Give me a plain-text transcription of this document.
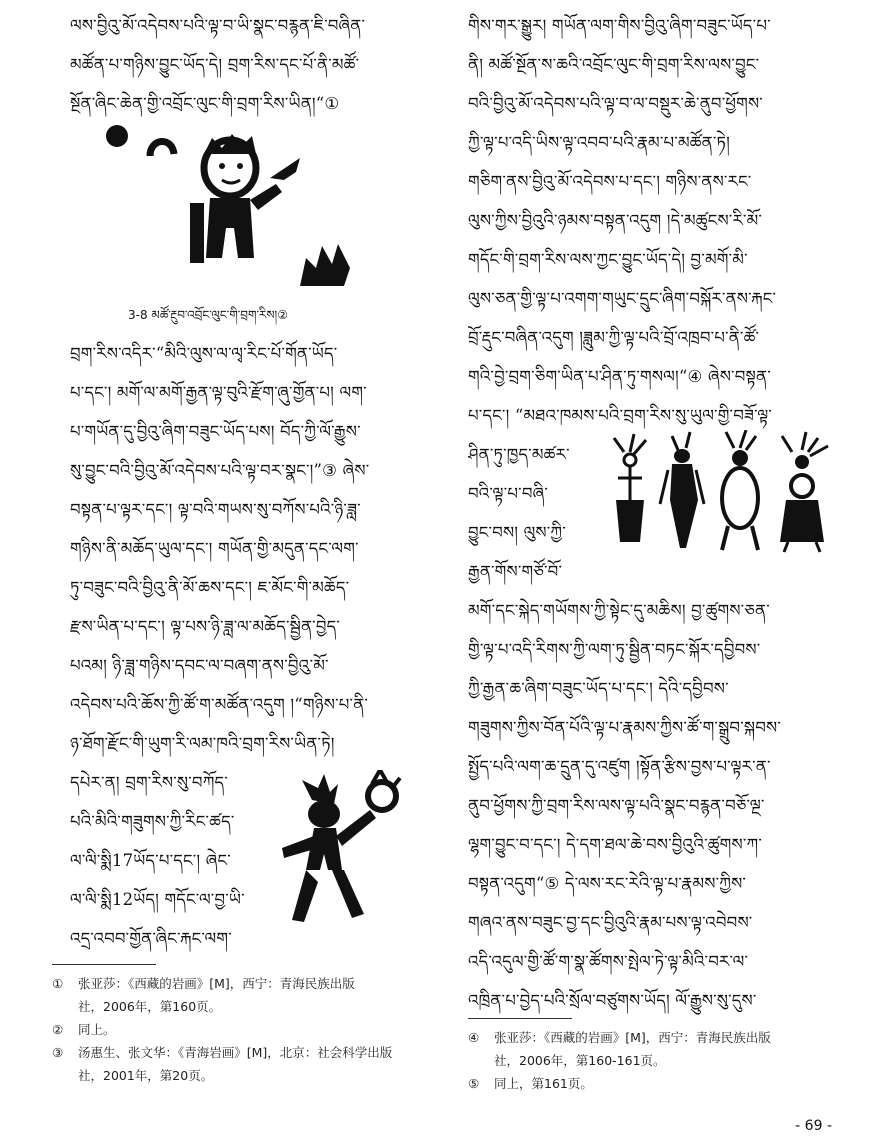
ལས་བྱིའུ་མོ་འདེབས་པའི་ལྟ་བ་ཡི་སྣང་བརྙན་ཇི་བཞིན་
མཚོན་པ་གཉིས་བྱུང་ཡོད་དེ། བྲག་རིས་དང་པོ་ནི་མཚོ་
སྔོན་ཞིང་ཆེན་གྱི་འབྲོང་ལུང་གི་བྲག་རིས་ཡིན།“①
3-8 མཚོ་རྔུབ་འབྲོང་ལུང་གི་བྲག་རིས།②
བྲག་རིས་འདིར་“མིའི་ལུས་ལ་ལྭ་རིང་པོ་གོན་ཡོད་
པ་དང་། མགོ་ལ་མགོ་རྒྱན་ལྟ་བུའི་རྫོག་ཞུ་གྱོན་པ། ལག་
པ་གཡོན་དུ་བྱིའུ་ཞིག་བཟུང་ཡོད་པས། བོད་ཀྱི་ལོ་རྒྱུས་
སུ་བྱུང་བའི་བྱིའུ་མོ་འདེབས་པའི་ལྟ་བར་སྣང་།”③ ཞེས་
བསྟན་པ་ལྟར་དང་། ལྟ་བའི་གཡས་སུ་བཀོས་པའི་ཉི་ཟླ་
གཉིས་ནི་མཆོད་ཡུལ་དང་། གཡོན་གྱི་མདུན་དང་ལག་
ཏུ་བཟུང་བའི་བྱིའུ་ནི་མོ་ཆས་དང་། ཇ་མོང་གི་མཆོད་
རྫས་ཡིན་པ་དང་། ལྟ་པས་ཉི་ཟླ་ལ་མཆོད་སྦྱིན་བྱེད་
པའམ། ཉི་ཟླ་གཉིས་དབང་ལ་བཞག་ནས་བྱིའུ་མོ་
འདེབས་པའི་ཆོས་ཀྱི་ཚོ་ག་མཚོན་འདུག །“གཉིས་པ་ནི་
ཉ་ཐོག་རྫོང་གི་ཡུག་རི་ལམ་ཁའི་བྲག་རིས་ཡིན་ཏེ།
དཔེར་ན། བྲག་རིས་སུ་བཀོད་
པའི་མིའི་གཟུགས་ཀྱི་རིང་ཚད་
ལ་ལི་སྨི17ཡོད་པ་དང་། ཞེང་
ལ་ལི་སྨི12ཡོད། གདོང་ལ་བྱ་ཡི་
འདྲ་འབབ་གྱོན་ཞིང་རྐང་ལག་
གིས་གར་སྒྱུར། གཡོན་ལག་གིས་བྱིའུ་ཞིག་བཟུང་ཡོད་པ་
ནི། མཚོ་སྔོན་ས་ཆའི་འབྲོང་ལུང་གི་བྲག་རིས་ལས་བྱུང་
བའི་བྱིའུ་མོ་འདེབས་པའི་ལྟ་བ་ལ་བསྡུར་ཆེ་ནུབ་ཕྱོགས་
ཀྱི་ལྟ་པ་འདི་ཡིས་ལྟ་འབབ་པའི་རྣམ་པ་མཚོན་ཏེ།
གཅིག་ནས་བྱིའུ་མོ་འདེབས་པ་དང་། གཉིས་ནས་རང་
ལུས་ཀྱིས་བྱིའུའི་ཉམས་བསྟན་འདུག །དེ་མཚུངས་རི་མོ་
གདོང་གི་བྲག་རིས་ལས་ཀྱང་བྱུང་ཡོད་དེ། བྱ་མགོ་མི་
ལུས་ཅན་གྱི་ལྟ་པ་འགག་གཡུང་དྲུང་ཞིག་བསྐོར་ནས་རྐང་
བྲོ་རྡུང་བཞིན་འདུག །ཟླུམ་ཀྱི་ལྟ་པའི་བྲོ་འཁྲབ་པ་ནི་ཚོ་
གའི་བྱེ་བྲག་ཅིག་ཡིན་པ་ཤིན་ཏུ་གསལ།“④ ཞེས་བསྟན་
པ་དང་། “མཐའ་ཁམས་པའི་བྲག་རིས་སུ་ཡུལ་གྱི་བཟོ་ལྟ་
ཤིན་ཏུ་ཁྱད་མཚར་
བའི་ལྟ་པ་བཞི་
བྱུང་བས། ལུས་ཀྱི་
རྒྱན་གོས་གཙོ་བོ་
མགོ་དང་སྐེད་གཡོགས་ཀྱི་སྟེང་དུ་མཆིས། བྱ་ཚུགས་ཅན་
གྱི་ལྟ་པ་འདི་རིགས་ཀྱི་ལག་ཏུ་སྦྱིན་བཏང་སྐོར་དབྱིབས་
ཀྱི་རྒྱན་ཆ་ཞིག་བཟུང་ཡོད་པ་དང་། དེའི་དབྱིབས་
གཟུགས་ཀྱིས་བོན་པོའི་ལྟ་པ་རྣམས་ཀྱིས་ཚོ་ག་སྒྲུབ་སྐབས་
སྤྱོད་པའི་ལག་ཆ་དྲུན་དུ་འཛུག །སྟོན་རྩིས་བྱས་པ་ལྟར་ན་
ནུབ་ཕྱོགས་ཀྱི་བྲག་རིས་ལས་ལྟ་པའི་སྣང་བརྙན་བཅོ་ལྔ་
ལྷག་བྱུང་བ་དང་། དེ་དག་ཐལ་ཆེ་བས་བྱིའུའི་ཚུགས་ཀ་
བསྟན་འདུག“⑤ དེ་ལས་རང་རེའི་ལྟ་པ་རྣམས་ཀྱིས་
གཞའ་ནས་བཟུང་བྱ་དང་བྱིའུའི་རྣམ་པས་ལྟ་འབེབས་
འདི་འདུལ་གྱི་ཚོ་ག་སྣ་ཚོགས་སྤེལ་ཏེ་ལྟ་མིའི་བར་ལ་
འཁྲིན་པ་བྱེད་པའི་སྲོལ་བཙུགས་ཡོད། ལོ་རྒྱུས་སུ་དུས་
① 张亚莎：《西藏的岩画》[M]，西宁：青海民族出版
社，2006年，第160页。
② 同上。
③ 汤惠生、张文华：《青海岩画》[M]，北京：社会科学出版
社，2001年，第20页。
④ 张亚莎：《西藏的岩画》[M]，西宁：青海民族出版
社，2006年，第160-161页。
⑤ 同上，第161页。
- 69 -
